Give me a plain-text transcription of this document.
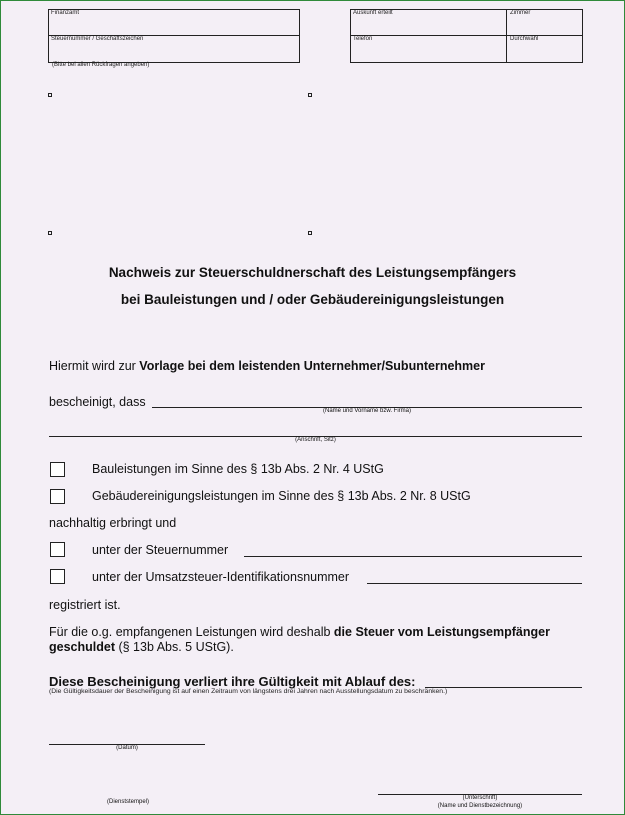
Finanzamt
Steuernummer / Geschäftszeichen
(Bitte bei allen Rückfragen angeben)
Auskunft erteilt	Zimmer
Telefon	Durchwahl
Nachweis zur Steuerschuldnerschaft des Leistungsempfängers
bei Bauleistungen und / oder Gebäudereinigungsleistungen
Hiermit wird zur Vorlage bei dem leistenden Unternehmer/Subunternehmer
bescheinigt, dass
(Name und Vorname bzw. Firma)
(Anschrift, Sitz)
Bauleistungen im Sinne des § 13b Abs. 2 Nr. 4 UStG
Gebäudereinigungsleistungen im Sinne des § 13b Abs. 2 Nr. 8 UStG
nachhaltig erbringt und
unter der Steuernummer
unter der Umsatzsteuer-Identifikationsnummer
registriert ist.
Für die o.g. empfangenen Leistungen wird deshalb die Steuer vom Leistungsempfänger
geschuldet (§ 13b Abs. 5 UStG).
Diese Bescheinigung verliert ihre Gültigkeit mit Ablauf des:
(Die Gültigkeitsdauer der Bescheinigung ist auf einen Zeitraum von längstens drei Jahren nach Ausstellungsdatum zu beschränken.)
(Datum)
(Dienststempel)
(Unterschrift)
(Name und Dienstbezeichnung)
